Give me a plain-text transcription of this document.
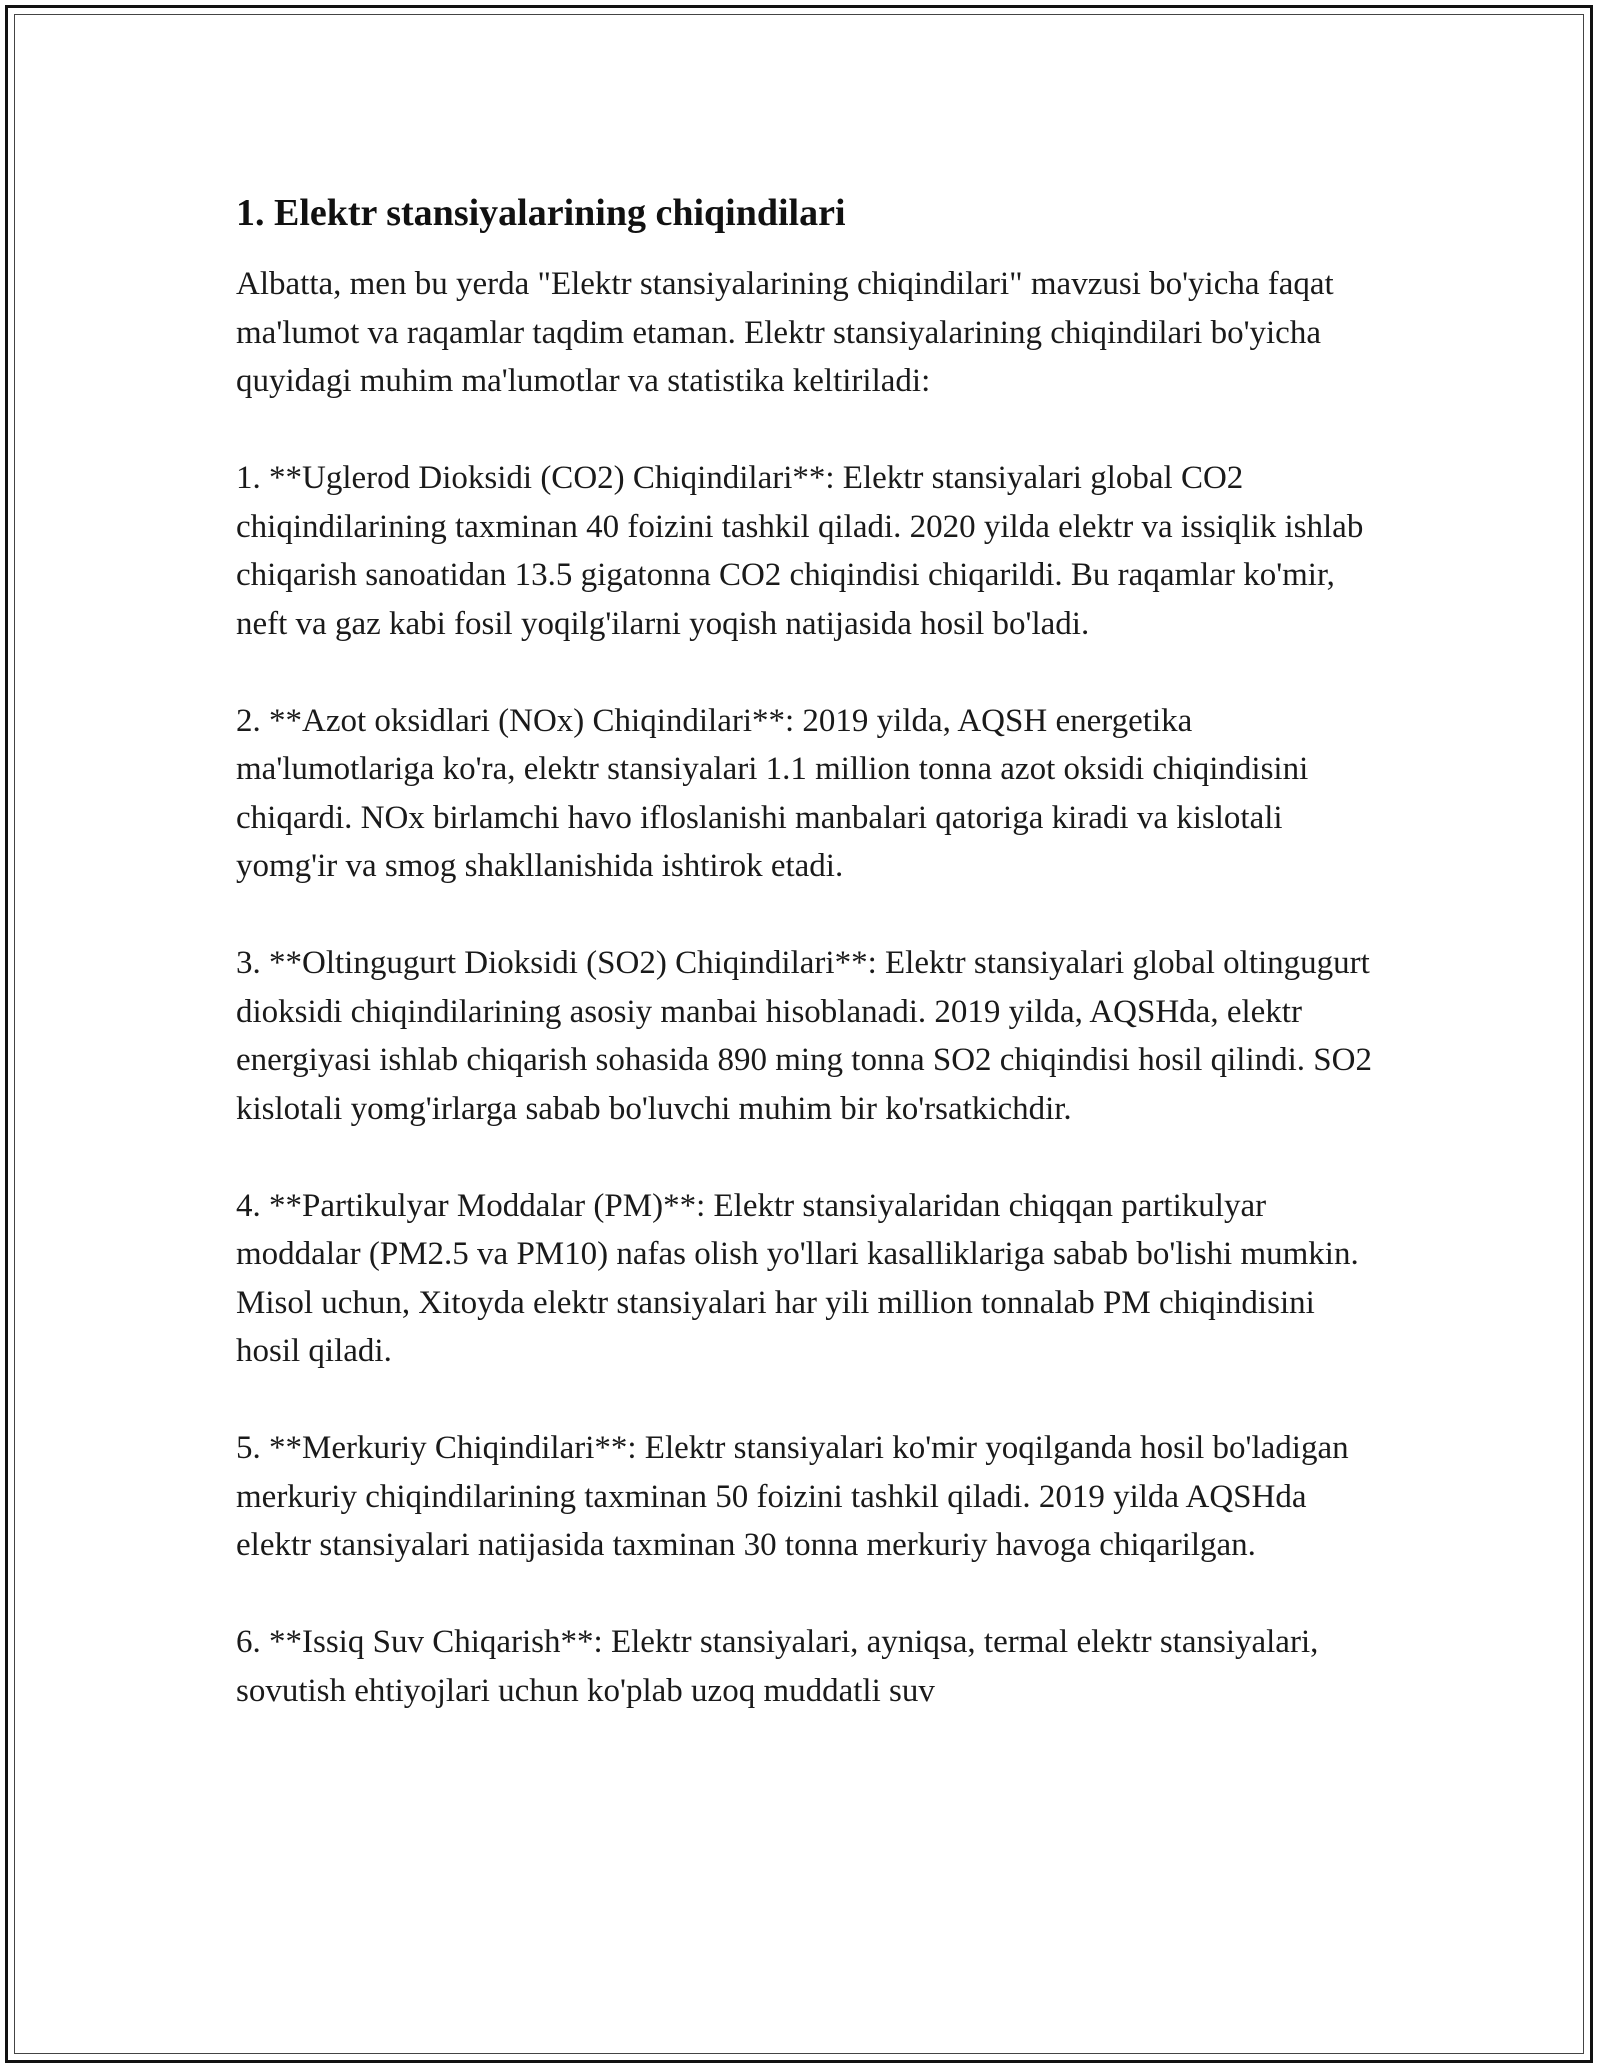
1. Elektr stansiyalarining chiqindilari

Albatta, men bu yerda "Elektr stansiyalarining chiqindilari" mavzusi bo'yicha faqat ma'lumot va raqamlar taqdim etaman. Elektr stansiyalarining chiqindilari bo'yicha quyidagi muhim ma'lumotlar va statistika keltiriladi:

1. **Uglerod Dioksidi (CO2) Chiqindilari**: Elektr stansiyalari global CO2 chiqindilarining taxminan 40 foizini tashkil qiladi. 2020 yilda elektr va issiqlik ishlab chiqarish sanoatidan 13.5 gigatonna CO2 chiqindisi chiqarildi. Bu raqamlar ko'mir, neft va gaz kabi fosil yoqilg'ilarni yoqish natijasida hosil bo'ladi.

2. **Azot oksidlari (NOx) Chiqindilari**: 2019 yilda, AQSH energetika ma'lumotlariga ko'ra, elektr stansiyalari 1.1 million tonna azot oksidi chiqindisini chiqardi. NOx birlamchi havo ifloslanishi manbalari qatoriga kiradi va kislotali yomg'ir va smog shakllanishida ishtirok etadi.

3. **Oltingugurt Dioksidi (SO2) Chiqindilari**: Elektr stansiyalari global oltingugurt dioksidi chiqindilarining asosiy manbai hisoblanadi. 2019 yilda, AQSHda, elektr energiyasi ishlab chiqarish sohasida 890 ming tonna SO2 chiqindisi hosil qilindi. SO2 kislotali yomg'irlarga sabab bo'luvchi muhim bir ko'rsatkichdir.

4. **Partikulyar Moddalar (PM)**: Elektr stansiyalaridan chiqqan partikulyar moddalar (PM2.5 va PM10) nafas olish yo'llari kasalliklariga sabab bo'lishi mumkin. Misol uchun, Xitoyda elektr stansiyalari har yili million tonnalab PM chiqindisini hosil qiladi.

5. **Merkuriy Chiqindilari**: Elektr stansiyalari ko'mir yoqilganda hosil bo'ladigan merkuriy chiqindilarining taxminan 50 foizini tashkil qiladi. 2019 yilda AQSHda elektr stansiyalari natijasida taxminan 30 tonna merkuriy havoga chiqarilgan.

6. **Issiq Suv Chiqarish**: Elektr stansiyalari, ayniqsa, termal elektr stansiyalari, sovutish ehtiyojlari uchun ko'plab uzoq muddatli suv
